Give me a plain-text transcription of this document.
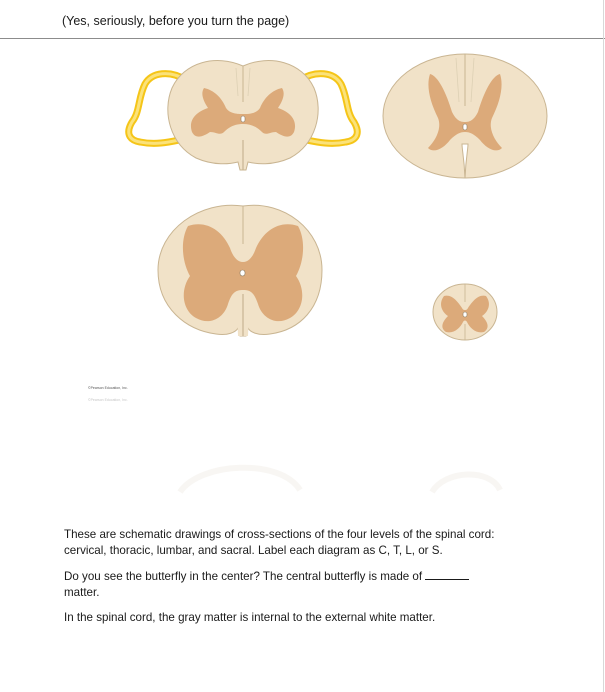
(Yes, seriously, before you turn the page)
©Pearson Education, Inc.
©Pearson Education, Inc.
These are schematic drawings of cross-sections of the four levels of the spinal cord: cervical, thoracic, lumbar, and sacral. Label each diagram as C, T, L, or S.
Do you see the butterfly in the center? The central butterfly is made of
matter.
In the spinal cord, the gray matter is internal to the external white matter.
